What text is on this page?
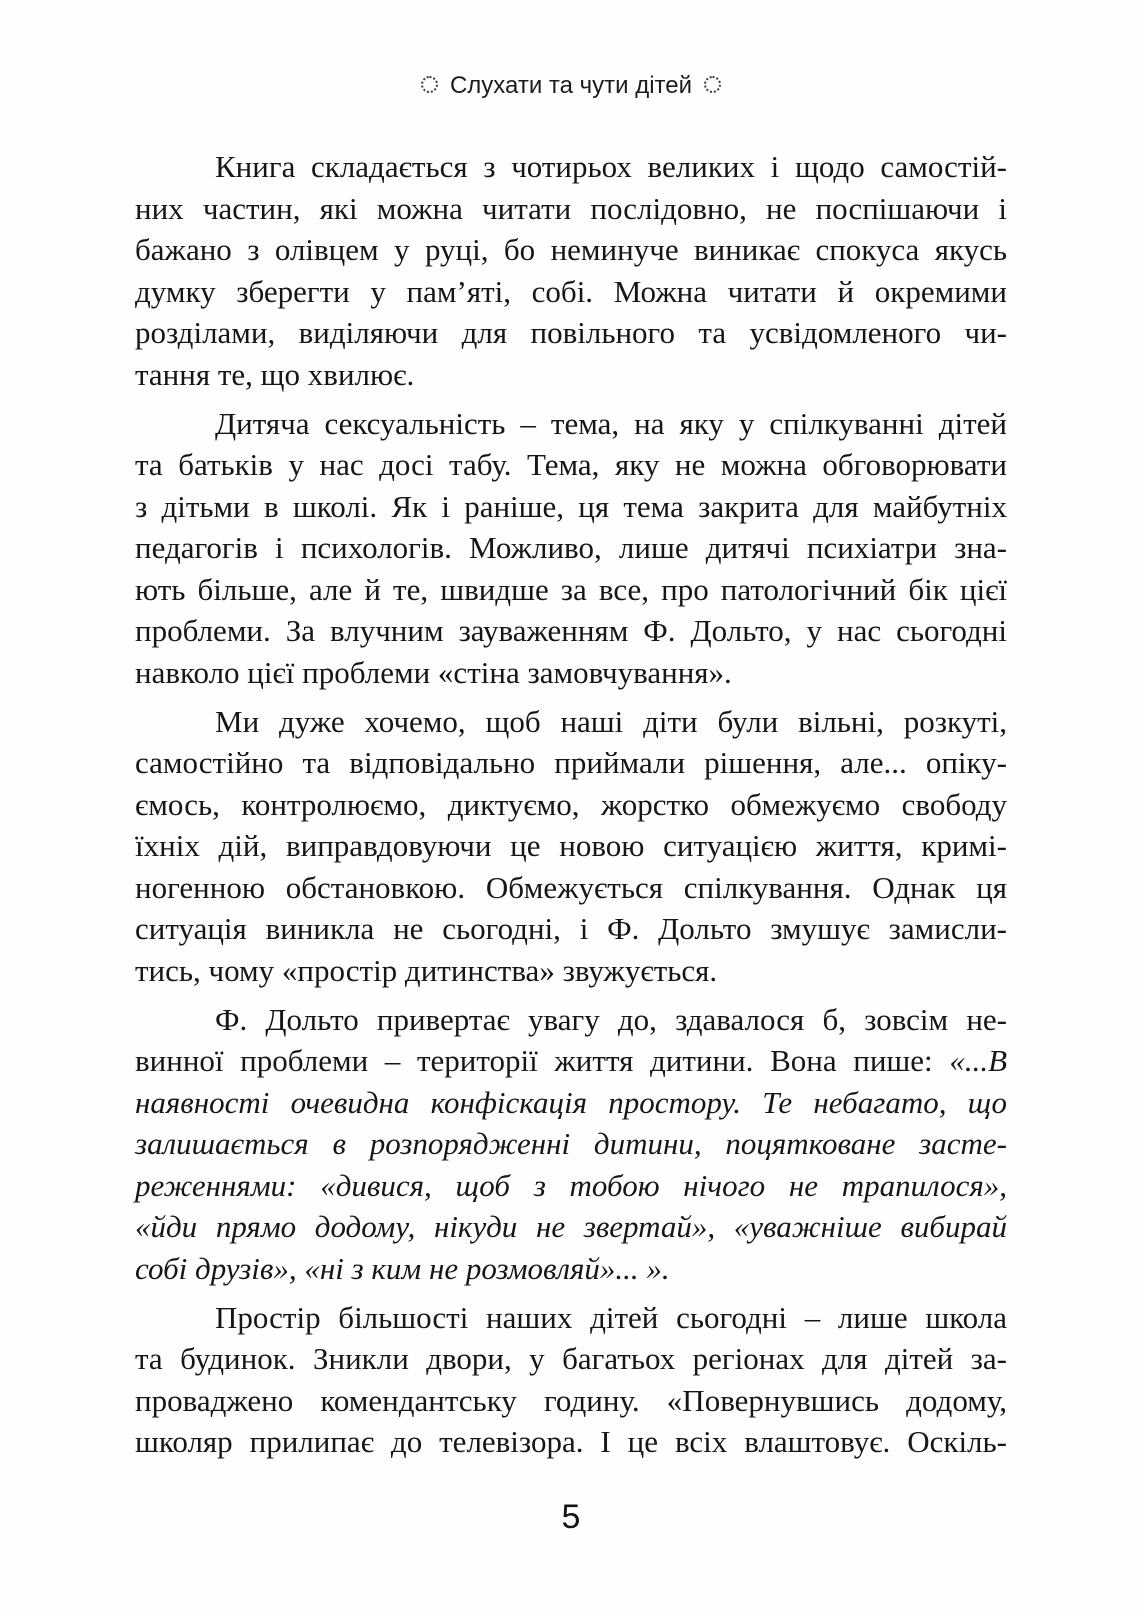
Слухати та чути дітей
Книга складається з чотирьох великих і щодо самостій-
них частин, які можна читати послідовно, не поспішаючи і
бажано з олівцем у руці, бо неминуче виникає спокуса якусь
думку зберегти у пам’яті, собі. Можна читати й окремими
розділами, виділяючи для повільного та усвідомленого чи-
тання те, що хвилює.
Дитяча сексуальність – тема, на яку у спілкуванні дітей
та батьків у нас досі табу. Тема, яку не можна обговорювати
з дітьми в школі. Як і раніше, ця тема закрита для майбутніх
педагогів і психологів. Можливо, лише дитячі психіатри зна-
ють більше, але й те, швидше за все, про патологічний бік цієї
проблеми. За влучним зауваженням Ф. Дольто, у нас сьогодні
навколо цієї проблеми «стіна замовчування».
Ми дуже хочемо, щоб наші діти були вільні, розкуті,
самостійно та відповідально приймали рішення, але... опіку-
ємось, контролюємо, диктуємо, жорстко обмежуємо свободу
їхніх дій, виправдовуючи це новою ситуацією життя, кримі-
ногенною обстановкою. Обмежується спілкування. Однак ця
ситуація виникла не сьогодні, і Ф. Дольто змушує замисли-
тись, чому «простір дитинства» звужується.
Ф. Дольто привертає увагу до, здавалося б, зовсім не-
винної проблеми – території життя дитини. Вона пише: «...В
наявності очевидна конфіскація простору. Те небагато, що
залишається в розпорядженні дитини, поцятковане засте-
реженнями: «дивися, щоб з тобою нічого не трапилося»,
«йди прямо додому, нікуди не звертай», «уважніше вибирай
собі друзів», «ні з ким не розмовляй»... ».
Простір більшості наших дітей сьогодні – лише школа
та будинок. Зникли двори, у багатьох регіонах для дітей за-
проваджено комендантську годину. «Повернувшись додому,
школяр прилипає до телевізора. І це всіх влаштовує. Оскіль-
5
